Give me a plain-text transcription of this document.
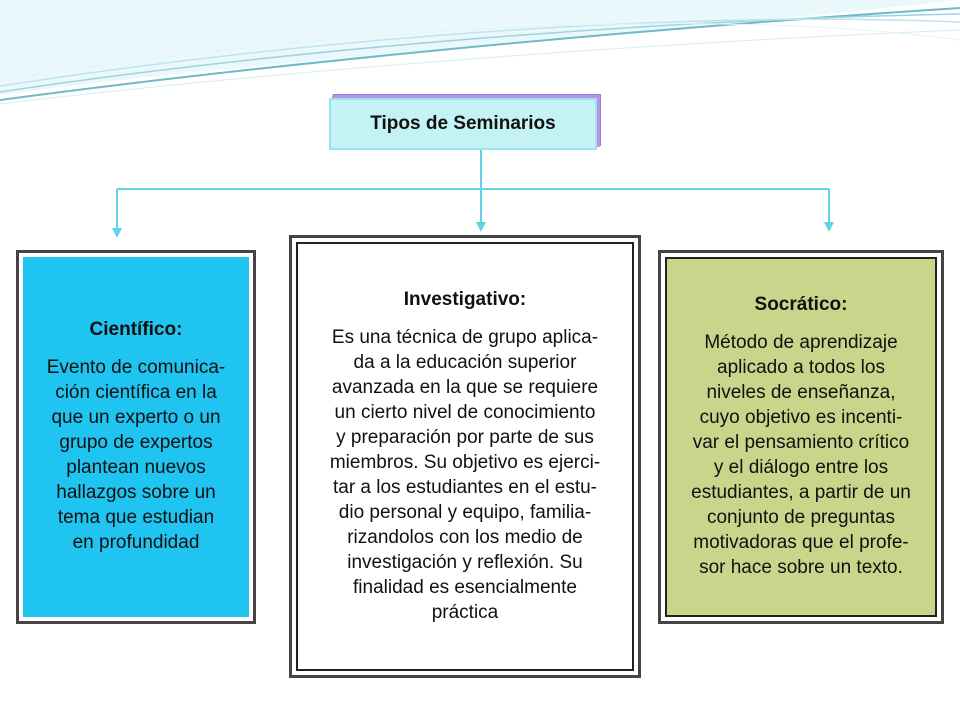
Tipos de Seminarios
Científico:

Evento de comunica-
ción científica en la
que un experto o un
grupo de expertos
plantean nuevos
hallazgos sobre un
tema que estudian
en profundidad

Investigativo:

Es una técnica de grupo aplica-
da a la educación superior
avanzada en la que se requiere
un cierto nivel de conocimiento
y preparación por parte de sus
miembros. Su objetivo es ejerci-
tar a los estudiantes en el estu-
dio personal y equipo, familia-
rizandolos con los medio de
investigación y reflexión. Su
finalidad es esencialmente
práctica

Socrático:

Método de aprendizaje
aplicado a todos los
niveles de enseñanza,
cuyo objetivo es incenti-
var el pensamiento crítico
y el diálogo entre los
estudiantes, a partir de un
conjunto de preguntas
motivadoras que el profe-
sor hace sobre un texto.
